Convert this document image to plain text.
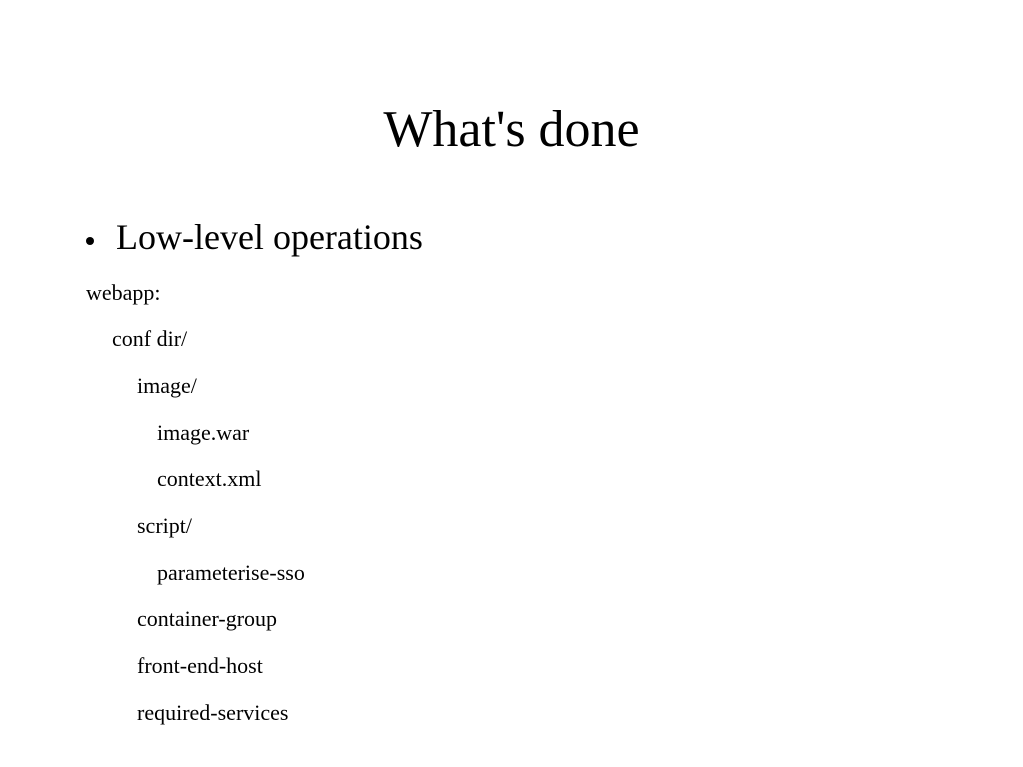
What's done
Low-level operations
webapp:
conf dir/
image/
image.war
context.xml
script/
parameterise-sso
container-group
front-end-host
required-services
